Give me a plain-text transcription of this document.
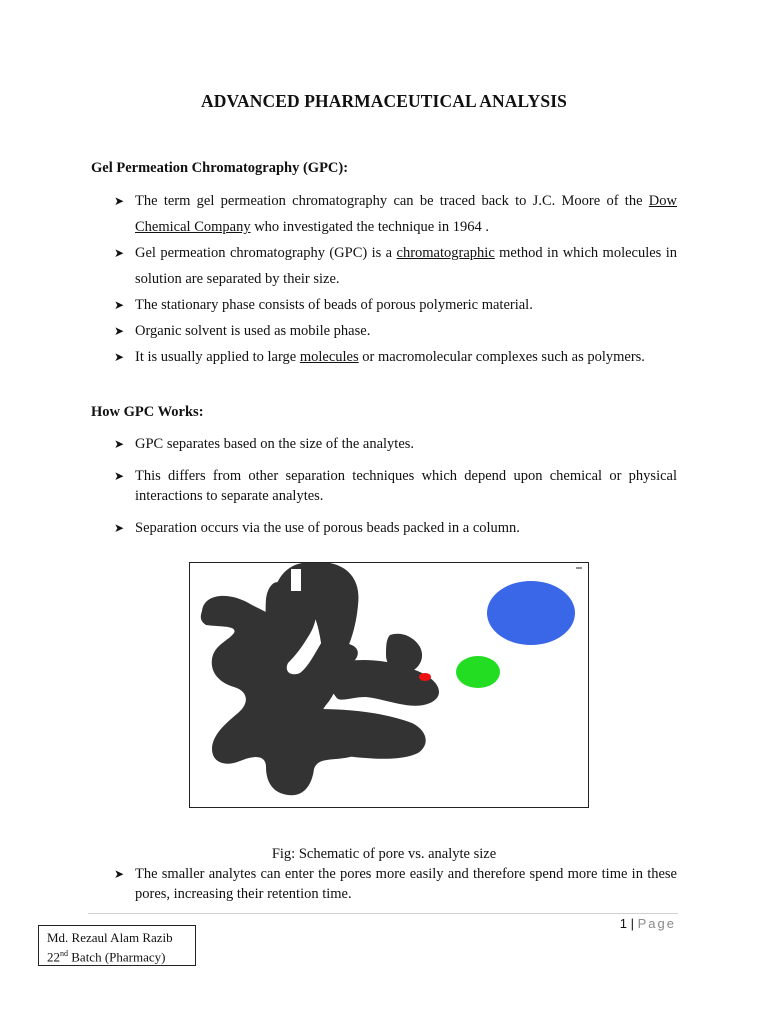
ADVANCED PHARMACEUTICAL ANALYSIS
Gel Permeation Chromatography (GPC):
➤ The term gel permeation chromatography can be traced back to J.C. Moore of the Dow Chemical Company who investigated the technique in 1964 .
➤ Gel permeation chromatography (GPC) is a chromatographic method in which molecules in solution are separated by their size.
➤ The stationary phase consists of beads of porous polymeric material.
➤ Organic solvent is used as mobile phase.
➤ It is usually applied to large molecules or macromolecular complexes such as polymers.
How GPC Works:
➤ GPC separates based on the size of the analytes.
➤ This differs from other separation techniques which depend upon chemical or physical interactions to separate analytes.
➤ Separation occurs via the use of porous beads packed in a column.
Fig: Schematic of pore vs. analyte size
➤ The smaller analytes can enter the pores more easily and therefore spend more time in these pores, increasing their retention time.
1 | Page
Md. Rezaul Alam Razib
22nd Batch (Pharmacy)
